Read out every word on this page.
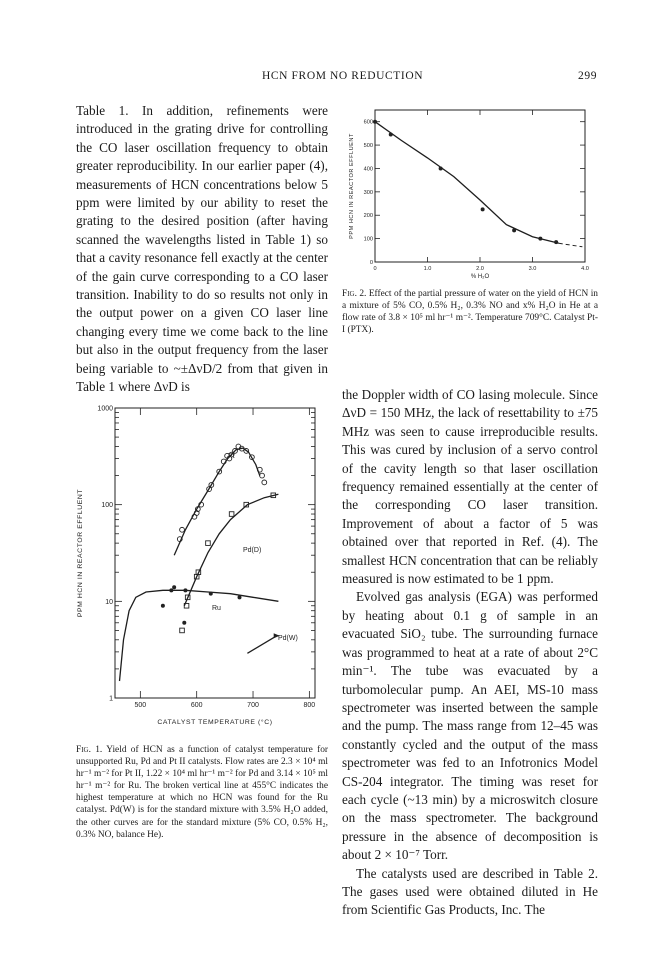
HCN FROM NO REDUCTION	299

Table 1. In addition, refinements were introduced in the grating drive for controlling the CO laser oscillation frequency to obtain greater reproducibility. In our earlier paper (4), measurements of HCN concentrations below 5 ppm were limited by our ability to reset the grating to the desired position (after having scanned the wavelengths listed in Table 1) so that a cavity resonance fell exactly at the center of the gain curve corresponding to a CO laser transition. Inability to do so results not only in the output power on a given CO laser line changing every time we come back to the line but also in the output frequency from the laser being variable to ~±ΔνD/2 from that given in Table 1 where ΔνD is

1
10
100
1000
500	600	700	800
Pt
Pd(D)
Ru
Pd(W)
PPM HCN IN REACTOR EFFLUENT
CATALYST TEMPERATURE (°C)
Fig. 1. Yield of HCN as a function of catalyst temperature for unsupported Ru, Pd and Pt II catalysts. Flow rates are 2.3 × 10⁴ ml hr⁻¹ m⁻² for Pt II, 1.22 × 10⁴ ml hr⁻¹ m⁻² for Pd and 3.14 × 10⁵ ml hr⁻¹ m⁻² for Ru. The broken vertical line at 455°C indicates the highest temperature at which no HCN was found for the Ru catalyst. Pd(W) is for the standard mixture with 3.5% H₂O added, the other curves are for the standard mixture (5% CO, 0.5% H₂, 0.3% NO, balance He).
0
100
200
300
400
500
600
0	1.0	2.0	3.0	4.0
PPM HCN IN REACTOR EFFLUENT
% H₂O
Fig. 2. Effect of the partial pressure of water on the yield of HCN in a mixture of 5% CO, 0.5% H₂, 0.3% NO and x% H₂O in He at a flow rate of 3.8 × 10⁵ ml hr⁻¹ m⁻². Temperature 709°C. Catalyst Pt-I (PTX).

the Doppler width of CO lasing molecule. Since ΔνD = 150 MHz, the lack of resettability to ±75 MHz was seen to cause irreproducible results. This was cured by inclusion of a servo control of the cavity length so that laser oscillation frequency remained essentially at the center of the corresponding CO laser transition. Improvement of about a factor of 5 was obtained over that reported in Ref. (4). The smallest HCN concentration that can be reliably measured is now estimated to be 1 ppm.

Evolved gas analysis (EGA) was performed by heating about 0.1 g of sample in an evacuated SiO₂ tube. The surrounding furnace was programmed to heat at a rate of about 2°C min⁻¹. The tube was evacuated by a turbomolecular pump. An AEI, MS-10 mass spectrometer was inserted between the sample and the pump. The mass range from 12–45 was constantly cycled and the output of the mass spectrometer was fed to an Infotronics Model CS-204 integrator. The timing was reset for each cycle (~13 min) by a microswitch closure on the mass spectrometer. The background pressure in the absence of decomposition is about 2 × 10⁻⁷ Torr.

The catalysts used are described in Table 2. The gases used were obtained diluted in He from Scientific Gas Products, Inc. The
